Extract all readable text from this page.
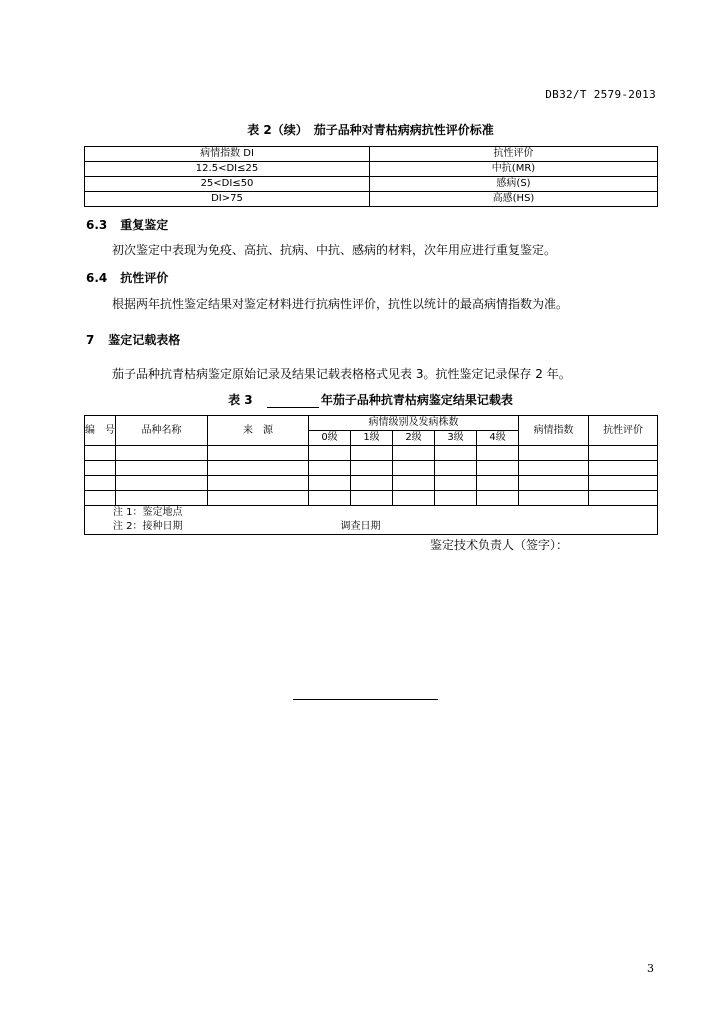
DB32/T 2579-2013
表 2（续）　茄子品种对青枯病病抗性评价标准
病情指数 DI	抗性评价
12.5<DI≤25	中抗(MR)
25<DI≤50	感病(S)
DI>75	高感(HS)
6.3 重复鉴定
初次鉴定中表现为免疫、高抗、抗病、中抗、感病的材料，次年用应进行重复鉴定。
6.4 抗性评价
根据两年抗性鉴定结果对鉴定材料进行抗病性评价，抗性以统计的最高病情指数为准。
7 鉴定记载表格
茄子品种抗青枯病鉴定原始记录及结果记载表格格式见表 3。抗性鉴定记录保存 2 年。
表 3	年茄子品种抗青枯病鉴定结果记载表
编　号	品种名称	来　源	病情级别及发病株数					病情指数	抗性评价
			0级	1级	2级	3级	4级		

注 1：鉴定地点									
注 2：接种日期 调查日期									
鉴定技术负责人（签字）：
3
